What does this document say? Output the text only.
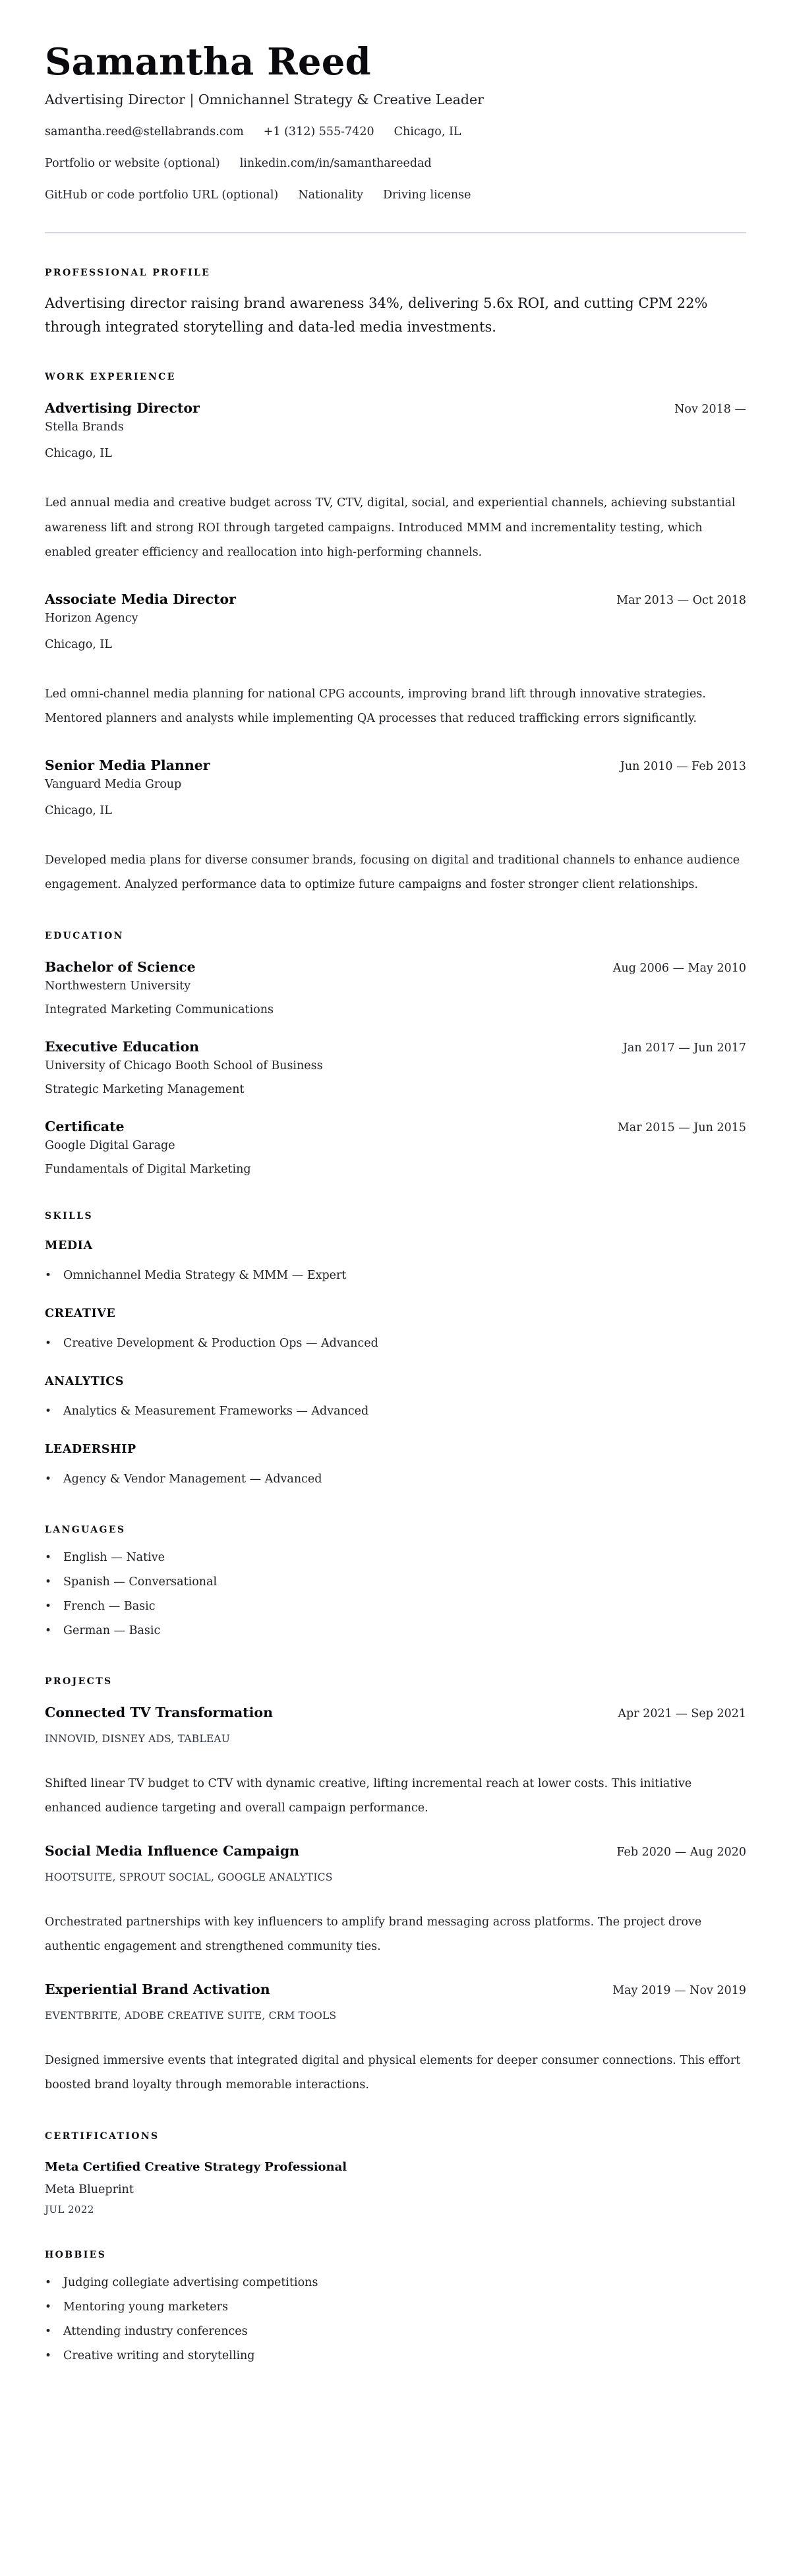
Samantha Reed
Advertising Director | Omnichannel Strategy & Creative Leader
samantha.reed@stellabrands.com +1 (312) 555-7420 Chicago, IL
Portfolio or website (optional) linkedin.com/in/samanthareedad
GitHub or code portfolio URL (optional) Nationality Driving license
PROFESSIONAL PROFILE

Advertising director raising brand awareness 34%, delivering 5.6x ROI, and cutting CPM 22% through integrated storytelling and data-led media investments.

WORK EXPERIENCE
Advertising Director	Nov 2018 —
Stella Brands
Chicago, IL

Led annual media and creative budget across TV, CTV, digital, social, and experiential channels, achieving substantial awareness lift and strong ROI through targeted campaigns. Introduced MMM and incrementality testing, which enabled greater efficiency and reallocation into high-performing channels.

Associate Media Director	Mar 2013 — Oct 2018
Horizon Agency
Chicago, IL

Led omni-channel media planning for national CPG accounts, improving brand lift through innovative strategies. Mentored planners and analysts while implementing QA processes that reduced trafficking errors significantly.

Senior Media Planner	Jun 2010 — Feb 2013
Vanguard Media Group
Chicago, IL

Developed media plans for diverse consumer brands, focusing on digital and traditional channels to enhance audience engagement. Analyzed performance data to optimize future campaigns and foster stronger client relationships.

EDUCATION
Bachelor of Science	Aug 2006 — May 2010
Northwestern University
Integrated Marketing Communications
Executive Education	Jan 2017 — Jun 2017
University of Chicago Booth School of Business
Strategic Marketing Management
Certificate	Mar 2015 — Jun 2015
Google Digital Garage
Fundamentals of Digital Marketing
SKILLS
MEDIA
• Omnichannel Media Strategy & MMM — Expert
CREATIVE
• Creative Development & Production Ops — Advanced
ANALYTICS
• Analytics & Measurement Frameworks — Advanced
LEADERSHIP
• Agency & Vendor Management — Advanced
LANGUAGES
• English — Native
• Spanish — Conversational
• French — Basic
• German — Basic
PROJECTS
Connected TV Transformation	Apr 2021 — Sep 2021
INNOVID, DISNEY ADS, TABLEAU

Shifted linear TV budget to CTV with dynamic creative, lifting incremental reach at lower costs. This initiative enhanced audience targeting and overall campaign performance.

Social Media Influence Campaign	Feb 2020 — Aug 2020
HOOTSUITE, SPROUT SOCIAL, GOOGLE ANALYTICS

Orchestrated partnerships with key influencers to amplify brand messaging across platforms. The project drove authentic engagement and strengthened community ties.

Experiential Brand Activation	May 2019 — Nov 2019
EVENTBRITE, ADOBE CREATIVE SUITE, CRM TOOLS

Designed immersive events that integrated digital and physical elements for deeper consumer connections. This effort boosted brand loyalty through memorable interactions.

CERTIFICATIONS
Meta Certified Creative Strategy Professional
Meta Blueprint
JUL 2022
HOBBIES
• Judging collegiate advertising competitions
• Mentoring young marketers
• Attending industry conferences
• Creative writing and storytelling
